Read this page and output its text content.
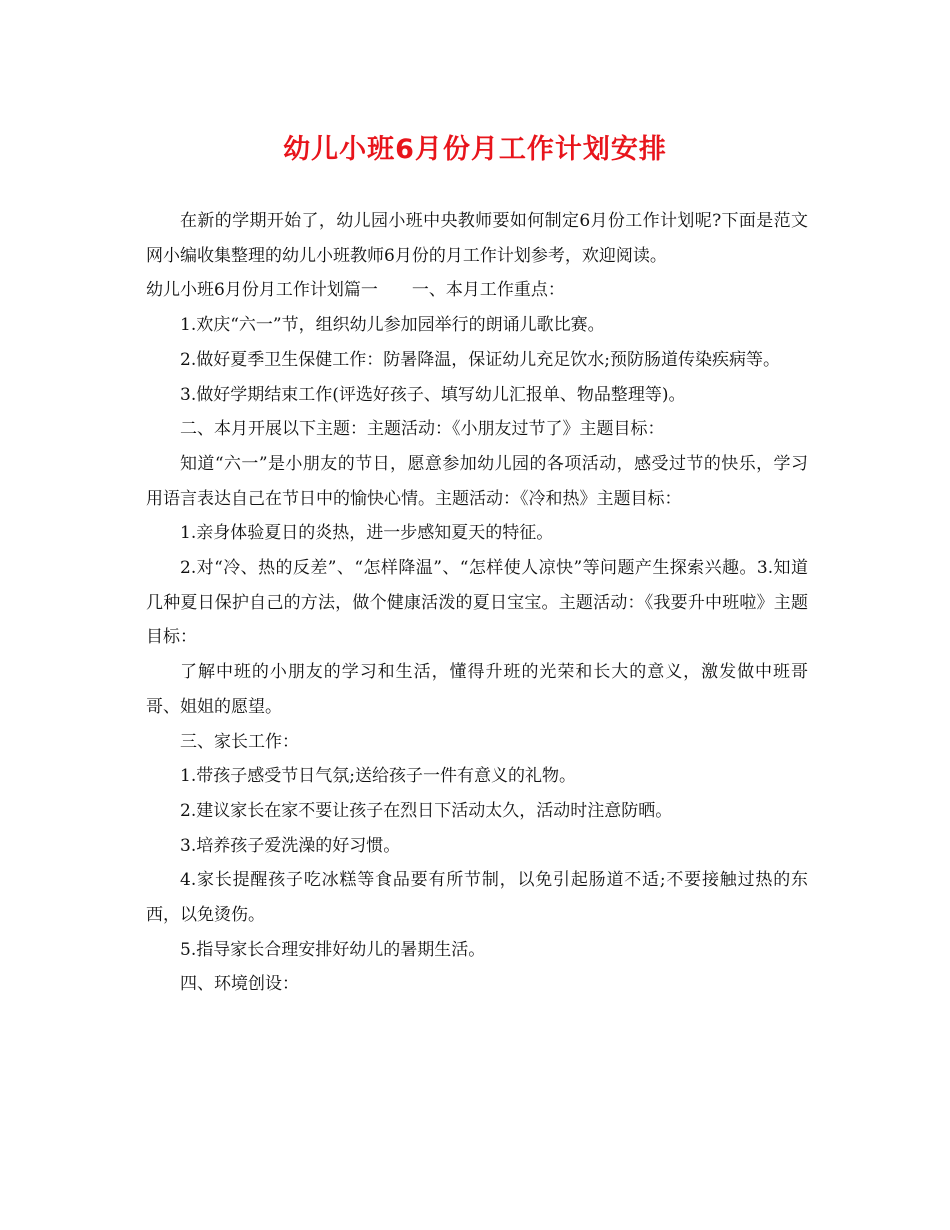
幼儿小班6月份月工作计划安排

在新的学期开始了，幼儿园小班中央教师要如何制定6月份工作计划呢?下面是范文网小编收集整理的幼儿小班教师6月份的月工作计划参考，欢迎阅读。

幼儿小班6月份月工作计划篇一　　一、本月工作重点：

1.欢庆“六一”节，组织幼儿参加园举行的朗诵儿歌比赛。

2.做好夏季卫生保健工作：防暑降温，保证幼儿充足饮水;预防肠道传染疾病等。

3.做好学期结束工作(评选好孩子、填写幼儿汇报单、物品整理等)。

二、本月开展以下主题：主题活动：《小朋友过节了》主题目标：

知道“六一”是小朋友的节日，愿意参加幼儿园的各项活动，感受过节的快乐，学习用语言表达自己在节日中的愉快心情。主题活动：《冷和热》主题目标：

1.亲身体验夏日的炎热，进一步感知夏天的特征。

2.对“冷、热的反差”、“怎样降温”、“怎样使人凉快”等问题产生探索兴趣。3.知道几种夏日保护自己的方法，做个健康活泼的夏日宝宝。主题活动：《我要升中班啦》主题目标：

了解中班的小朋友的学习和生活，懂得升班的光荣和长大的意义，激发做中班哥哥、姐姐的愿望。

三、家长工作：

1.带孩子感受节日气氛;送给孩子一件有意义的礼物。

2.建议家长在家不要让孩子在烈日下活动太久，活动时注意防晒。

3.培养孩子爱洗澡的好习惯。

4.家长提醒孩子吃冰糕等食品要有所节制，以免引起肠道不适;不要接触过热的东西，以免烫伤。

5.指导家长合理安排好幼儿的暑期生活。

四、环境创设：
